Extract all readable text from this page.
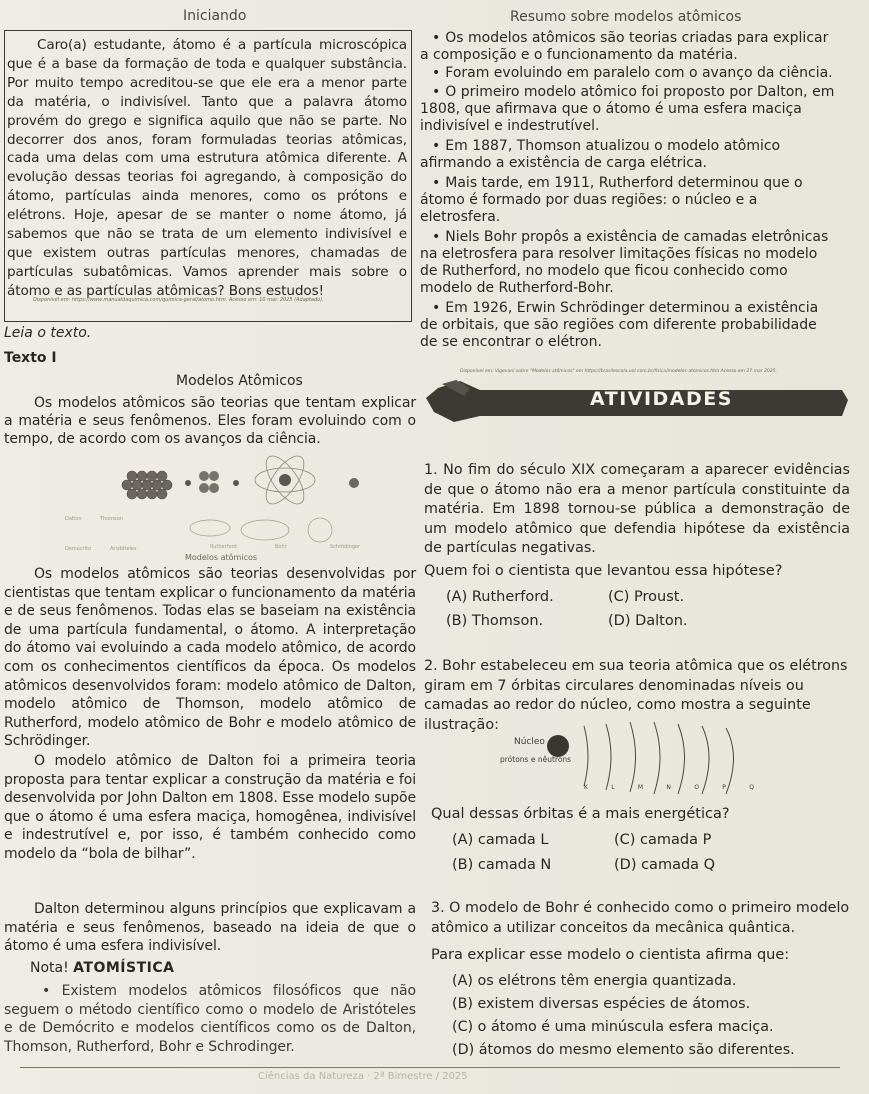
Iniciando
Caro(a) estudante, átomo é a partícula microscópica que é a base da formação de toda e qualquer substância. Por muito tempo acreditou-se que ele era a menor parte da matéria, o indivisível. Tanto que a palavra átomo provém do grego e significa aquilo que não se parte. No decorrer dos anos, foram formuladas teorias atômicas, cada uma delas com uma estrutura atômica diferente. A evolução dessas teorias foi agregando, à composição do átomo, partículas ainda menores, como os prótons e elétrons. Hoje, apesar de se manter o nome átomo, já sabemos que não se trata de um elemento indivisível e que existem outras partículas menores, chamadas de partículas subatômicas. Vamos aprender mais sobre o átomo e as partículas atômicas? Bons estudos!
Disponível em: https://www.manualdaquimica.com/quimica-geral/atomo.htm. Acesso em: 10 mar. 2025 (Adaptado).
Leia o texto.
Texto I
Modelos Atômicos
Os modelos atômicos são teorias que tentam explicar a matéria e seus fenômenos. Eles foram evoluindo com o tempo, de acordo com os avanços da ciência.
Dalton	Thomson
Demócrito	Aristóteles	Rutherford	Bohr	Schrödinger
Modelos atômicos
Os modelos atômicos são teorias desenvolvidas por cientistas que tentam explicar o funcionamento da matéria e de seus fenômenos. Todas elas se baseiam na existência de uma partícula fundamental, o átomo. A interpretação do átomo vai evoluindo a cada modelo atômico, de acordo com os conhecimentos científicos da época. Os modelos atômicos desenvolvidos foram: modelo atômico de Dalton, modelo atômico de Thomson, modelo atômico de Rutherford, modelo atômico de Bohr e modelo atômico de Schrödinger.
O modelo atômico de Dalton foi a primeira teoria proposta para tentar explicar a construção da matéria e foi desenvolvida por John Dalton em 1808. Esse modelo supõe que o átomo é uma esfera maciça, homogênea, indivisível e indestrutível e, por isso, é também conhecido como modelo da “bola de bilhar”.
Dalton determinou alguns princípios que explicavam a matéria e seus fenômenos, baseado na ideia de que o átomo é uma esfera indivisível.
Nota! ATOMÍSTICA
• Existem modelos atômicos filosóficos que não seguem o método científico como o modelo de Aristóteles e de Demócrito e modelos científicos como os de Dalton, Thomson, Rutherford, Bohr e Schrodinger.
Resumo sobre modelos atômicos
• Os modelos atômicos são teorias criadas para explicar a composição e o funcionamento da matéria.
• Foram evoluindo em paralelo com o avanço da ciência.
• O primeiro modelo atômico foi proposto por Dalton, em 1808, que afirmava que o átomo é uma esfera maciça indivisível e indestrutível.
• Em 1887, Thomson atualizou o modelo atômico afirmando a existência de carga elétrica.
• Mais tarde, em 1911, Rutherford determinou que o átomo é formado por duas regiões: o núcleo e a eletrosfera.
• Niels Bohr propôs a existência de camadas eletrônicas na eletrosfera para resolver limitações físicas no modelo de Rutherford, no modelo que ficou conhecido como modelo de Rutherford-Bohr.
• Em 1926, Erwin Schrödinger determinou a existência de orbitais, que são regiões com diferente probabilidade de se encontrar o elétron.
Disponível em: Vigevani sobre "Modelos atômicos" em https://brasilescola.uol.com.br/fisica/modelos-atomicos.htm Acesso em 27 mar 2025.
ATIVIDADES
1. No fim do século XIX começaram a aparecer evidências de que o átomo não era a menor partícula constituinte da matéria. Em 1898 tornou-se pública a demonstração de um modelo atômico que defendia hipótese da existência de partículas negativas.
Quem foi o cientista que levantou essa hipótese?
(A) Rutherford.	(C) Proust.
(B) Thomson.	(D) Dalton.
2. Bohr estabeleceu em sua teoria atômica que os elétrons giram em 7 órbitas circulares denominadas níveis ou camadas ao redor do núcleo, como mostra a seguinte ilustração:
Núcleo
prótons e nêutrons
K	L	M	N	O	P	Q
Qual dessas órbitas é a mais energética?
(A) camada L	(C) camada P
(B) camada N	(D) camada Q
3. O modelo de Bohr é conhecido como o primeiro modelo atômico a utilizar conceitos da mecânica quântica.
Para explicar esse modelo o cientista afirma que:
(A) os elétrons têm energia quantizada.
(B) existem diversas espécies de átomos.
(C) o átomo é uma minúscula esfera maciça.
(D) átomos do mesmo elemento são diferentes.
Ciências da Natureza · 2ª Bimestre / 2025
